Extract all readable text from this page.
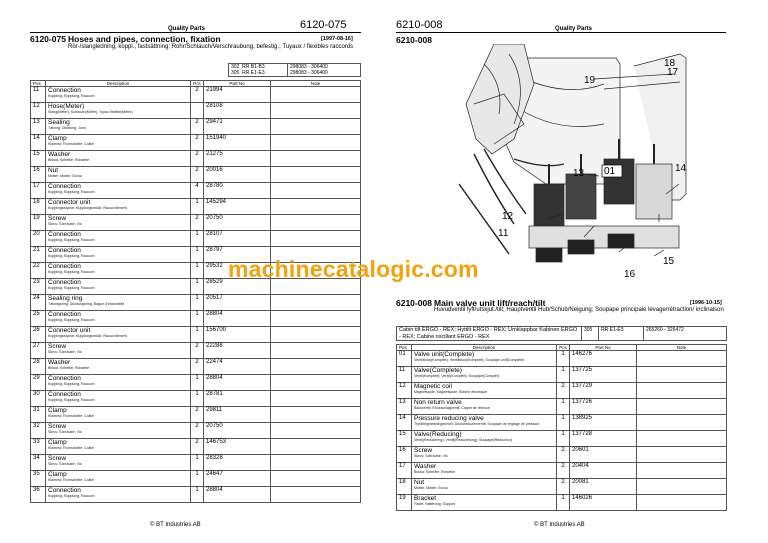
Quality Parts	6120-075
6120-075 Hoses and pipes, connection, fixation	[1997-08-16]
Rör-/slangledning, koppl., fastsättning; Rohr/Schlauch/Verschraubung, befestig.; Tuyaux / flexibles raccords
302 RR B1-B3	298083 - 306400
305 RR E1-E3	298083 - 306400
Pos	Description	Pcs	Part No	Note
11	Connection
Koppling; Kupplung; Raccord	2	21994	
12	Hose(Meter)
Slang(Meter); Schlauch(Meter); Tuyau flexible(Metre)		28108	
13	Sealing
Tätning; Dichtung; Joint	2	29471	
14	Clamp
Klamma; Rohrschelle; Collier	2	151940	
15	Washer
Bricka; Scheibe; Rondelle	2	21275	
16	Nut
Mutter; Mutter; Ecrou	2	20016	
17	Connection
Koppling; Kupplung; Raccord	4	28780	
18	Connector unit
Kopplingsstycke; Kupplungsstück; Raccordement	1	145294	
19	Screw
Skruv; Schraube; Vis	2	20750	
20	Connection
Koppling; Kupplung; Raccord	1	28107	
21	Connection
Koppling; Kupplung; Raccord	1	28797	
22	Connection
Koppling; Kupplung; Raccord	1	29532	
23	Connection
Koppling; Kupplung; Raccord	1	28529	
24	Sealing ring
Tätningsring; Dichtungsring; Bague d'étanchéité	1	20517	
25	Connection
Koppling; Kupplung; Raccord	1	28804	
26	Connector unit
Kopplingsstycke; Kupplungsstück; Raccordement	1	156700	
27	Screw
Skruv; Schraube; Vis	2	22288	
28	Washer
Bricka; Scheibe; Rondelle	2	22474	
29	Connection
Koppling; Kupplung; Raccord	1	28804	
30	Connection
Koppling; Kupplung; Raccord	1	28781	
31	Clamp
Klamma; Rohrschelle; Collier	2	29811	
32	Screw
Skruv; Schraube; Vis	2	20750	
33	Clamp
Klamma; Rohrschelle; Collier	2	146753	
34	Screw
Skruv; Schraube; Vis	1	28328	
35	Clamp
Klamma; Rohrschelle; Collier	1	24647	
36	Connection
Koppling; Kupplung; Raccord	1	28804	
© BT Industries AB
6210-008	Quality Parts
6210-008
18
17
19
01	14
13
12
11
15
16
6210-008 Main valve unit lift/reach/tilt	[1996-10-15]
Huvudventil lyft/utskjut./tilt; Hauptventil Hub/Schub/Neigung; Soupape principale levage/rétraction/ inclinaison
Cabin tilt ERGO - REX; Hyttilt ERGO - REX; Umklappbar Kabinen ERGO - REX; Cabine oscillant ERGO - REX	305	RR E1-E3	265260 - 326472
Pos	Description	Pcs	Part No	Note
01	Valve unit(Complete)
Ventilblock(Komplett); Ventilblock(Komplett); Soupape unit(Complete)	1	146276	
11	Valve(Complete)
Ventil(Komplett); Ventil(Komplett); Soupape(Complet)	1	137725	
12	Magnetic coil
Magnetspole; Magnetspule; Bobine électrique	2	137729	
13	Non return valve
Backventil; Rückschlagventil; Clapet de retenue	1	137726	
14	Pressure reducing valve
Tryckbegränsningsventil; Druckreduzierventil; Soupape de réglage de pression	1	138925	
15	Valve(Reducing)
Ventil(Reducering); Ventil(Reduzierung); Soupape(Réduction)	1	137728	
16	Screw
Skruv; Schraube; Vis	2	20601	
17	Washer
Bricka; Scheibe; Rondelle	2	20404	
18	Nut
Mutter; Mutter; Ecrou	2	20081	
19	Bracket
Fäste; Halterung; Support	1	146026	
© BT Industries AB
machinecatalogic.com
